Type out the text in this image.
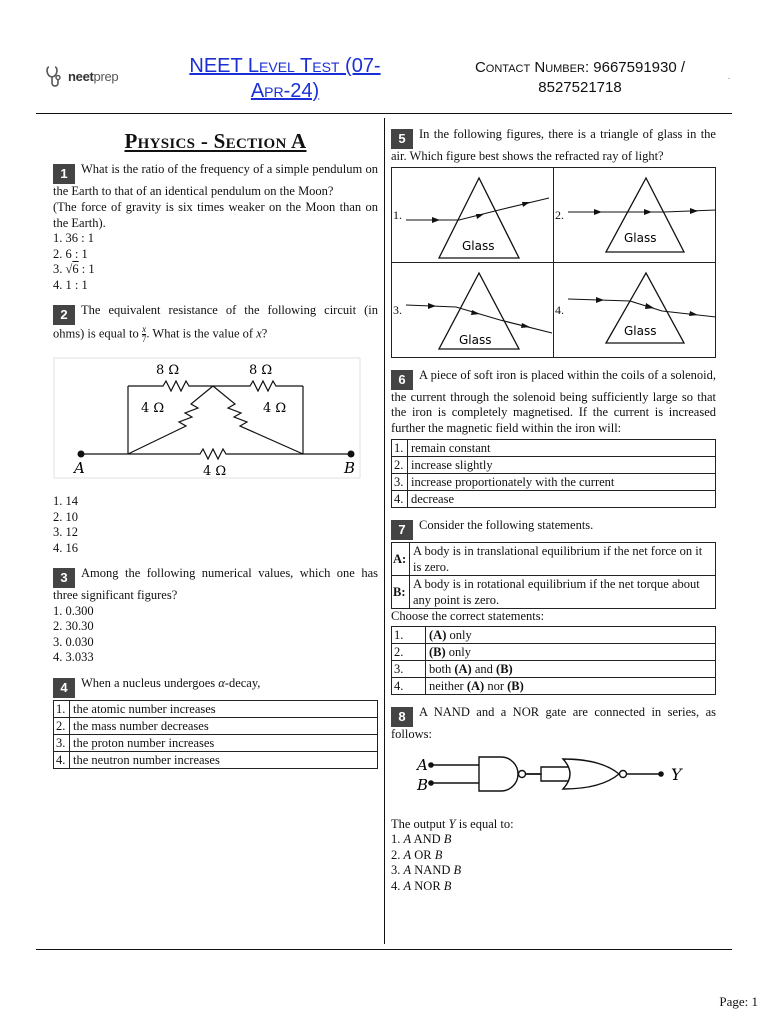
neetprep	NEET Level Test (07-
Apr-24)
Contact Number: 9667591930 /
8527521718
.
Physics - Section A
1 What is the ratio of the frequency of a simple pendulum on the Earth to that of an identical pendulum on the Moon?
(The force of gravity is six times weaker on the Moon than on the Earth).
1. 36 : 1
2. 6 : 1
3. √6 : 1
4. 1 : 1
2 The equivalent resistance of the following circuit (in ohms) is equal to $\frac{x}{7}$ . What is the value of x?
8 Ω	8 Ω
4 Ω	4 Ω
4 Ω
A	B
1. 14
2. 10
3. 12
4. 16
3 Among the following numerical values, which one has three significant figures?
1. 0.300
2. 30.30
3. 0.030
4. 3.033
4 When a nucleus undergoes α-decay,
1.	the atomic number increases
2.	the mass number decreases
3.	the proton number increases
4.	the neutron number increases
5 In the following figures, there is a triangle of glass in the air. Which figure best shows the refracted ray of light?
1.
Glass	2.
Glass

3.
Glass	4.
Glass
6 A piece of soft iron is placed within the coils of a solenoid, the current through the solenoid being sufficiently large so that the iron is completely magnetised. If the current is increased further the magnetic field within the iron will:
1.	remain constant
2.	increase slightly
3.	increase proportionately with the current
4.	decrease
7 Consider the following statements.
A:	A body is in translational equilibrium if the net force on it is zero.
B:	A body is in rotational equilibrium if the net torque about any point is zero.
Choose the correct statements:
1.	(A) only
2.	(B) only
3.	both (A) and (B)
4.	neither (A) nor (B)
8 A NAND and a NOR gate are connected in series, as follows:
A
B
Y
The output Y is equal to:
1. A AND B
2. A OR B
3. A NAND B
4. A NOR B
Page: 1
